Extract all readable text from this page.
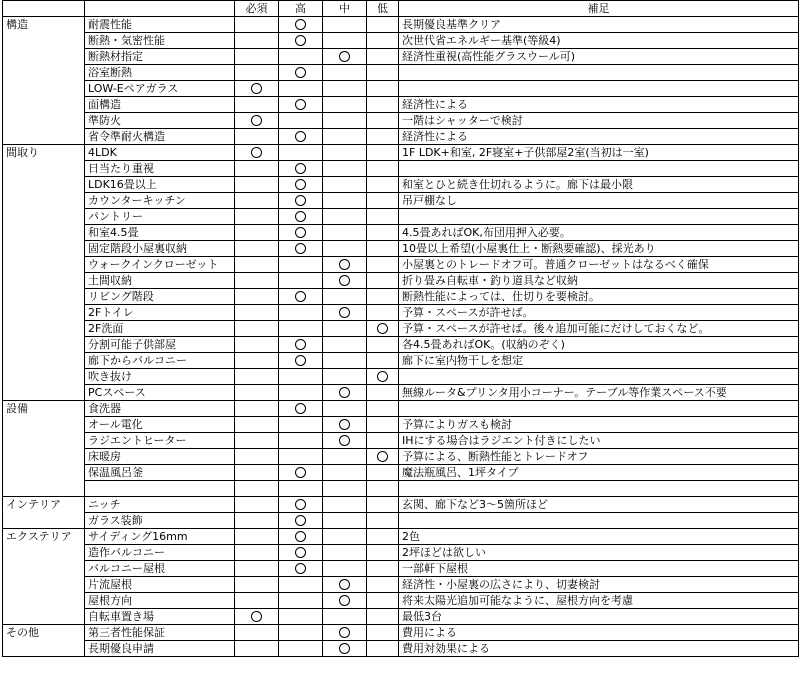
		必須	高	中	低	補足
構造	耐震性能					長期優良基準クリア
	断熱・気密性能					次世代省エネルギー基準(等級4)
	断熱材指定					経済性重視(高性能グラスウール可)
	浴室断熱					
	LOW-Eペアガラス					
	面構造					経済性による
	準防火					一階はシャッターで検討
	省令準耐火構造					経済性による
間取り	4LDK					1F LDK+和室, 2F寝室+子供部屋2室(当初は一室)
	日当たり重視					
	LDK16畳以上					和室とひと続き仕切れるように。廊下は最小限
	カウンターキッチン					吊戸棚なし
	パントリー					
	和室4.5畳					4.5畳あればOK,布団用押入必要。
	固定階段小屋裏収納					10畳以上希望(小屋裏仕上・断熱要確認)、採光あり
	ウォークインクローゼット					小屋裏とのトレードオフ可。普通クローゼットはなるべく確保
	土間収納					折り畳み自転車・釣り道具など収納
	リビング階段					断熱性能によっては、仕切りを要検討。
	2Fトイレ					予算・スペースが許せば。
	2F洗面					予算・スペースが許せば。後々追加可能にだけしておくなど。
	分割可能子供部屋					各4.5畳あればOK。(収納のぞく)
	廊下からバルコニー					廊下に室内物干しを想定
	吹き抜け					
	PCスペース					無線ルータ&プリンタ用小コーナー。テーブル等作業スペース不要
設備	食洗器					
	オール電化					予算によりガスも検討
	ラジエントヒーター					IHにする場合はラジエント付きにしたい
	床暖房					予算による、断熱性能とトレードオフ
	保温風呂釜					魔法瓶風呂、1坪タイプ

インテリア	ニッチ					玄関、廊下など3～5箇所ほど
	ガラス装飾					
エクステリア	サイディング16mm					2色
	造作バルコニー					2坪ほどは欲しい
	バルコニー屋根					一部軒下屋根
	片流屋根					経済性・小屋裏の広さにより、切妻検討
	屋根方向					将来太陽光追加可能なように、屋根方向を考慮
	自転車置き場					最低3台
その他	第三者性能保証					費用による
	長期優良申請					費用対効果による
